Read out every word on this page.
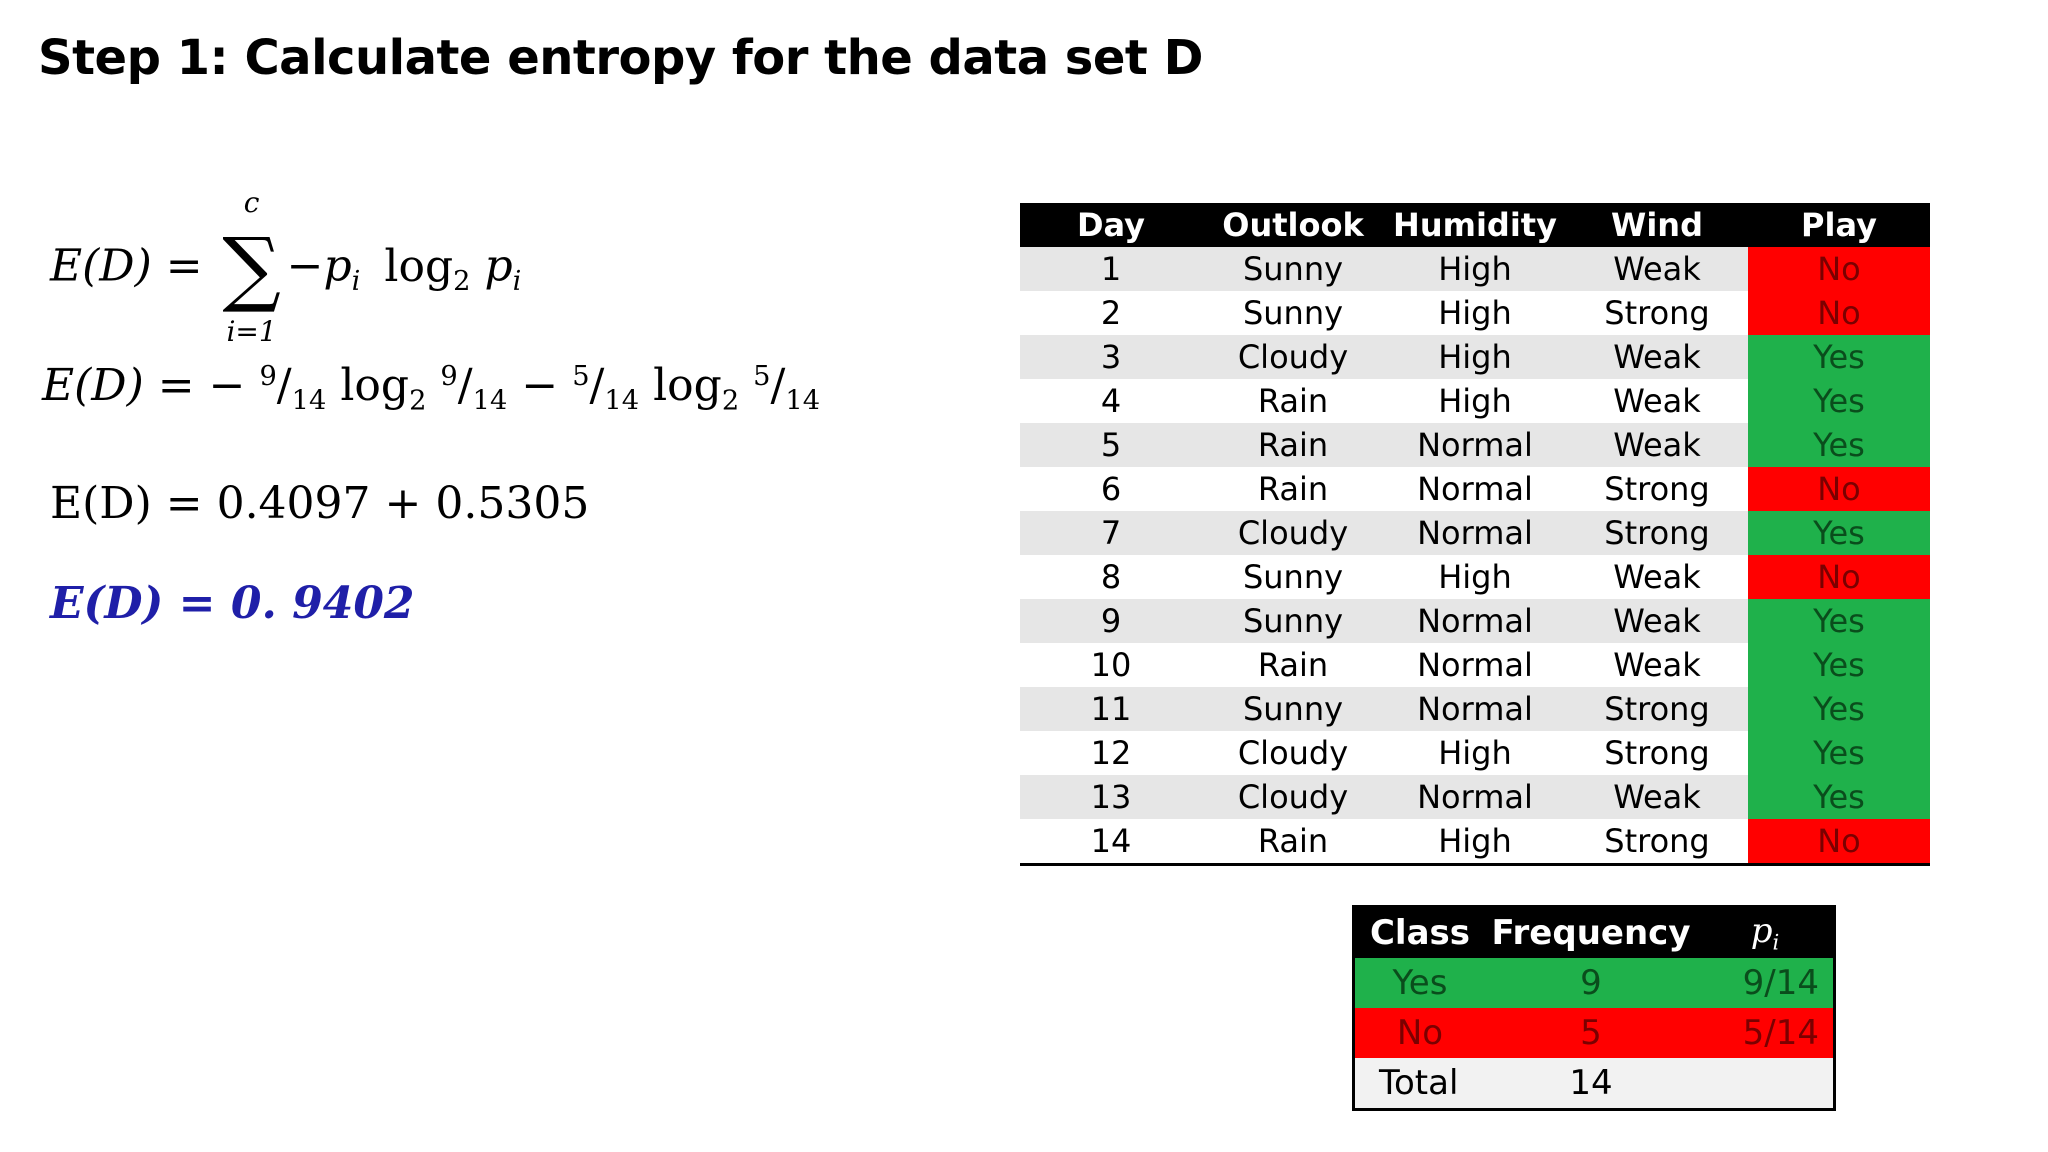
Step 1: Calculate entropy for the data set D
E(D) =
c
∑
i=1
$-p_i$ $\log_2 p_i$
E(D) = − $^9/_{14}$ $\log_2 ^9/_{14} - ^5/_{14}$ $\log_2 ^5/_{14}$
E(D) = 0.4097 + 0.5305
E(D) = 0. 9402
Day	Outlook	Humidity	Wind	Play
1	Sunny	High	Weak	No
2	Sunny	High	Strong	No
3	Cloudy	High	Weak	Yes
4	Rain	High	Weak	Yes
5	Rain	Normal	Weak	Yes
6	Rain	Normal	Strong	No
7	Cloudy	Normal	Strong	Yes
8	Sunny	High	Weak	No
9	Sunny	Normal	Weak	Yes
10	Rain	Normal	Weak	Yes
11	Sunny	Normal	Strong	Yes
12	Cloudy	High	Strong	Yes
13	Cloudy	Normal	Weak	Yes
14	Rain	High	Strong	No
Class	Frequency	$p_i$
Yes	9	9/14
No	5	5/14
Total	14	
